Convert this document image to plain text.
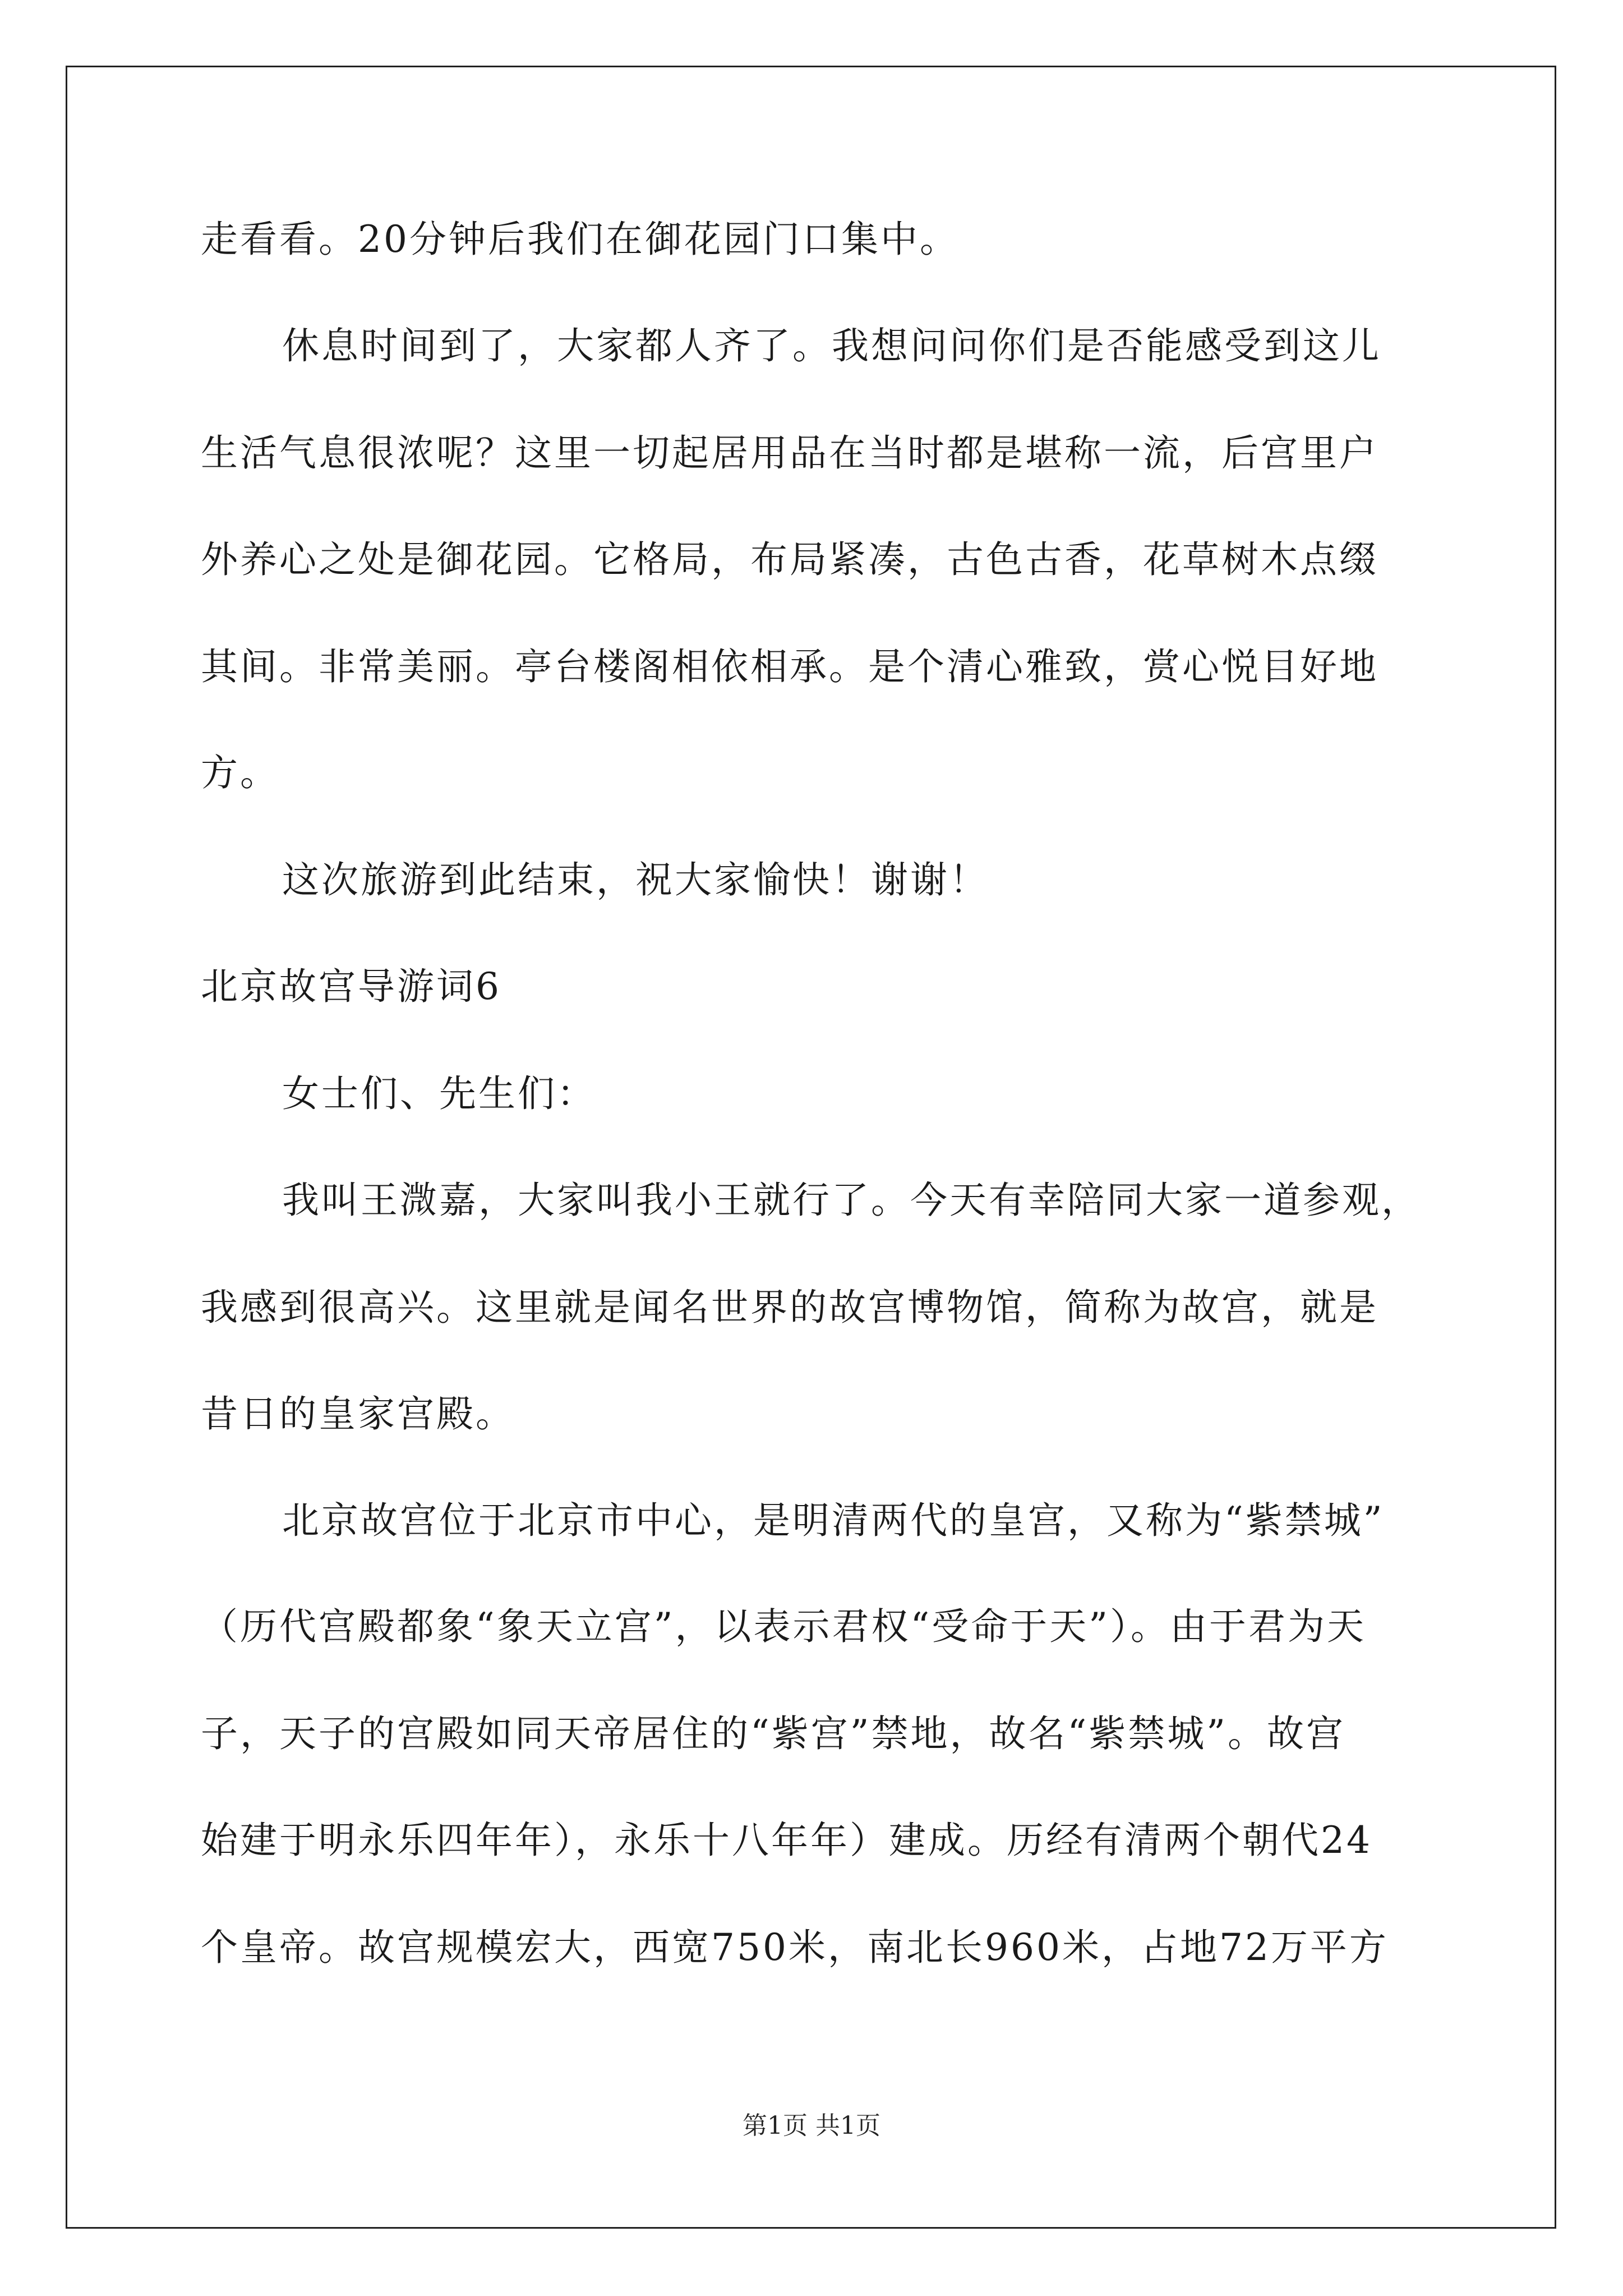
走看看。20分钟后我们在御花园门口集中。
休息时间到了，大家都人齐了。我想问问你们是否能感受到这儿
生活气息很浓呢？这里一切起居用品在当时都是堪称一流，后宫里户
外养心之处是御花园。它格局，布局紧凑，古色古香，花草树木点缀
其间。非常美丽。亭台楼阁相依相承。是个清心雅致，赏心悦目好地
方。
这次旅游到此结束，祝大家愉快！谢谢！
北京故宫导游词6
女士们、先生们：
我叫王溦嘉，大家叫我小王就行了。今天有幸陪同大家一道参观，
我感到很高兴。这里就是闻名世界的故宫博物馆，简称为故宫，就是
昔日的皇家宫殿。
北京故宫位于北京市中心，是明清两代的皇宫，又称为“紫禁城”
（历代宫殿都象“象天立宫”，以表示君权“受命于天”）。由于君为天
子，天子的宫殿如同天帝居住的“紫宫”禁地，故名“紫禁城”。故宫
始建于明永乐四年年），永乐十八年年）建成。历经有清两个朝代24
个皇帝。故宫规模宏大，西宽750米，南北长960米，占地72万平方
第1页 共1页
